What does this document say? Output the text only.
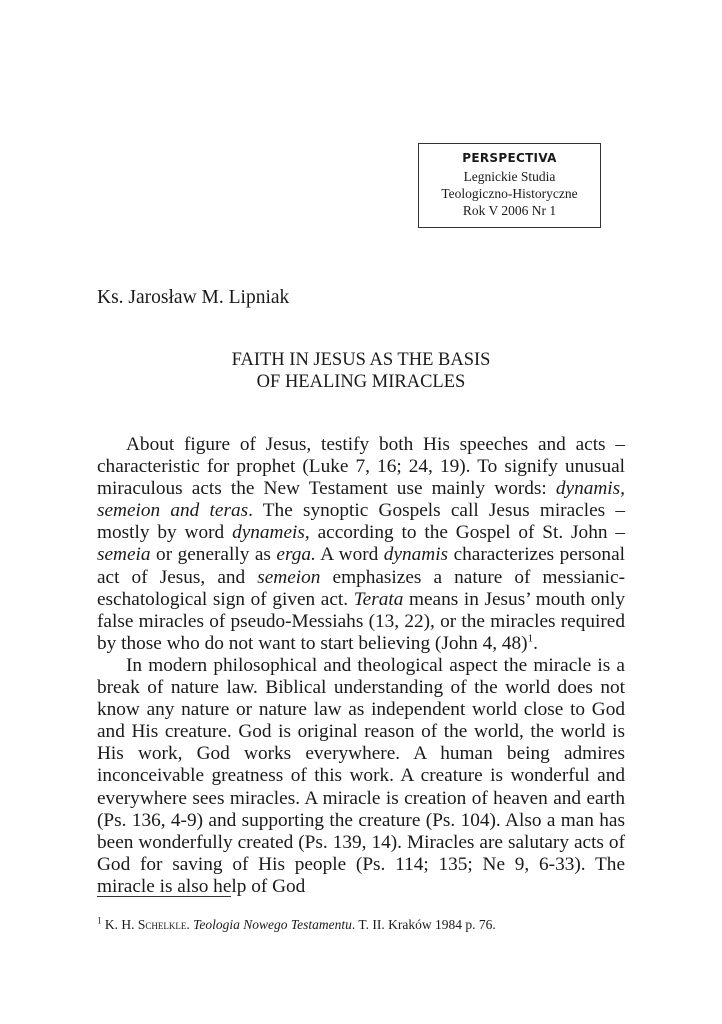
PERSPECTIVA
Legnickie Studia
Teologiczno-Historyczne
Rok V 2006 Nr 1
Ks. Jarosław M. Lipniak
FAITH IN JESUS AS THE BASIS
OF HEALING MIRACLES

About figure of Jesus, testify both His speeches and acts – characteristic for prophet (Luke 7, 16; 24, 19). To signify unusual miraculous acts the New Testament use mainly words: dynamis, semeion and teras. The synoptic Gospels call Jesus miracles – mostly by word dynameis, according to the Gospel of St. John – semeia or generally as erga. A word dynamis characterizes personal act of Jesus, and semeion emphasizes a nature of messianic-eschatological sign of given act. Terata means in Jesus’ mouth only false miracles of pseudo-Messiahs (13, 22), or the miracles required by those who do not want to start believing (John 4, 48)$^1$.

In modern philosophical and theological aspect the miracle is a break of nature law. Biblical understanding of the world does not know any nature or nature law as independent world close to God and His creature. God is original reason of the world, the world is His work, God works everywhere. A human being admires inconceivable greatness of this work. A creature is wonderful and everywhere sees miracles. A miracle is creation of heaven and earth (Ps. 136, 4-9) and supporting the creature (Ps. 104). Also a man has been wonderfully created (Ps. 139, 14). Miracles are salutary acts of God for saving of His people (Ps. 114; 135; Ne 9, 6-33). The miracle is also help of God

$^1$ K. H. Schelkle. Teologia Nowego Testamentu. T. II. Kraków 1984 p. 76.
